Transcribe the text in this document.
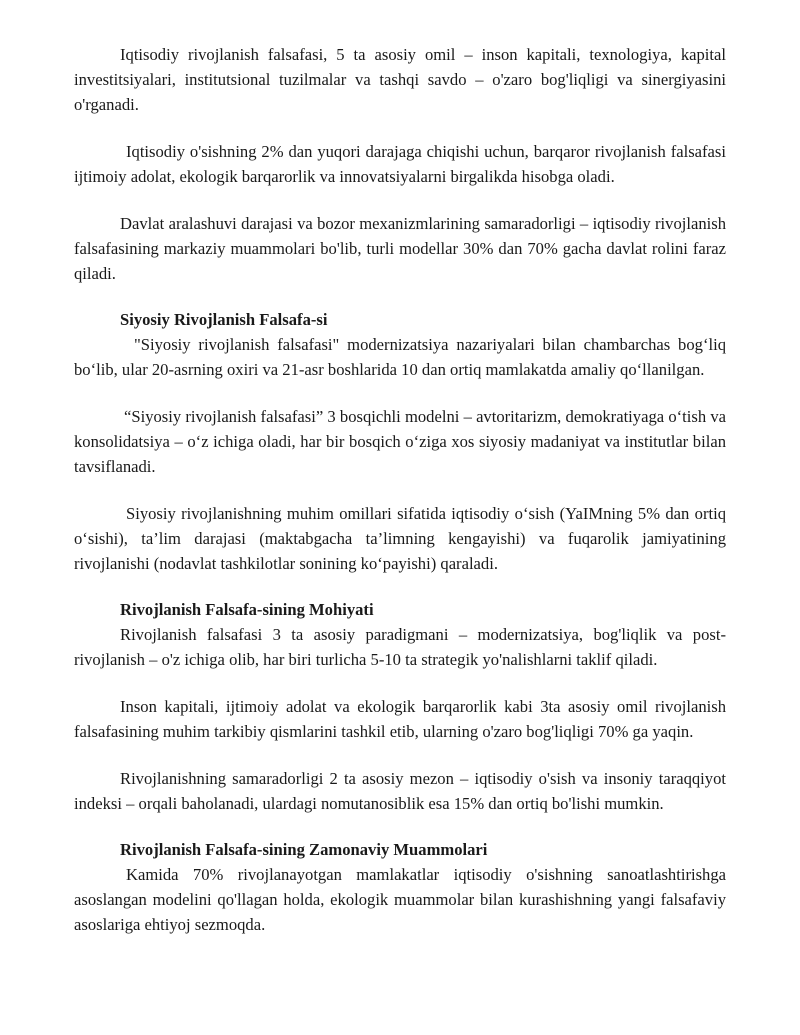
Iqtisodiy rivojlanish falsafasi, 5 ta asosiy omil – inson kapitali, texnologiya, kapital investitsiyalari, institutsional tuzilmalar va tashqi savdo – o'zaro bog'liqligi va sinergiyasini o'rganadi.

Iqtisodiy o'sishning 2% dan yuqori darajaga chiqishi uchun, barqaror rivojlanish falsafasi ijtimoiy adolat, ekologik barqarorlik va innovatsiyalarni birgalikda hisobga oladi.

Davlat aralashuvi darajasi va bozor mexanizmlarining samaradorligi – iqtisodiy rivojlanish falsafasining markaziy muammolari bo'lib, turli modellar 30% dan 70% gacha davlat rolini faraz qiladi.

Siyosiy Rivojlanish Falsafa-si

"Siyosiy rivojlanish falsafasi" modernizatsiya nazariyalari bilan chambarchas bog‘liq bo‘lib, ular 20-asrning oxiri va 21-asr boshlarida 10 dan ortiq mamlakatda amaliy qo‘llanilgan.

“Siyosiy rivojlanish falsafasi” 3 bosqichli modelni – avtoritarizm, demokratiyaga o‘tish va konsolidatsiya – o‘z ichiga oladi, har bir bosqich o‘ziga xos siyosiy madaniyat va institutlar bilan tavsiflanadi.

Siyosiy rivojlanishning muhim omillari sifatida iqtisodiy o‘sish (YaIMning 5% dan ortiq o‘sishi), ta’lim darajasi (maktabgacha ta’limning kengayishi) va fuqarolik jamiyatining rivojlanishi (nodavlat tashkilotlar sonining ko‘payishi) qaraladi.

Rivojlanish Falsafa-sining Mohiyati

Rivojlanish falsafasi 3 ta asosiy paradigmani – modernizatsiya, bog'liqlik va post-rivojlanish – o'z ichiga olib, har biri turlicha 5-10 ta strategik yo'nalishlarni taklif qiladi.

Inson kapitali, ijtimoiy adolat va ekologik barqarorlik kabi 3ta asosiy omil rivojlanish falsafasining muhim tarkibiy qismlarini tashkil etib, ularning o'zaro bog'liqligi 70% ga yaqin.

Rivojlanishning samaradorligi 2 ta asosiy mezon – iqtisodiy o'sish va insoniy taraqqiyot indeksi – orqali baholanadi, ulardagi nomutanosiblik esa 15% dan ortiq bo'lishi mumkin.

Rivojlanish Falsafa-sining Zamonaviy Muammolari

Kamida 70% rivojlanayotgan mamlakatlar iqtisodiy o'sishning sanoatlashtirishga asoslangan modelini qo'llagan holda, ekologik muammolar bilan kurashishning yangi falsafaviy asoslariga ehtiyoj sezmoqda.
